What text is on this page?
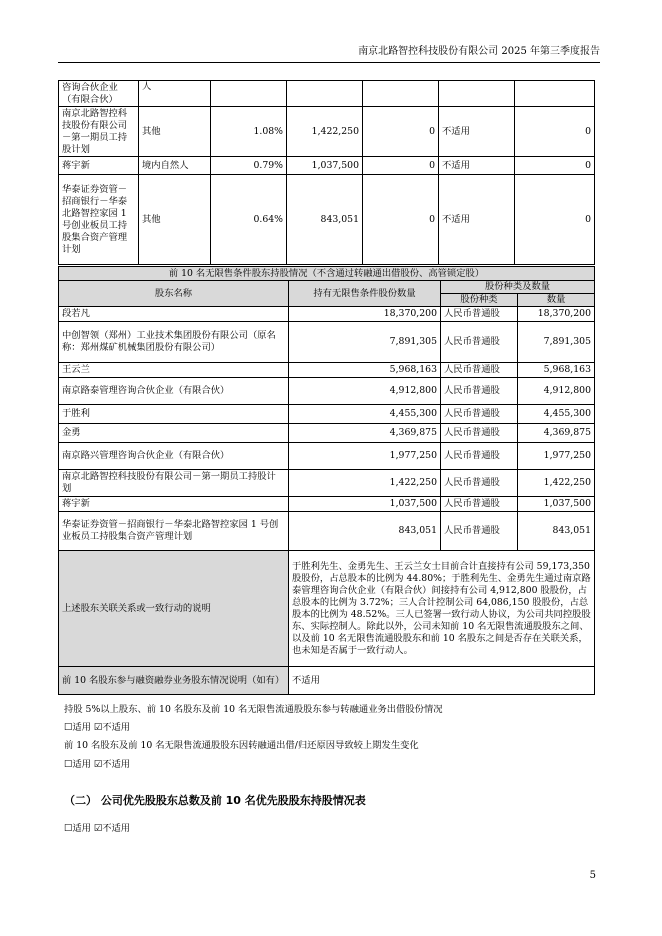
南京北路智控科技股份有限公司 2025 年第三季度报告
咨询合伙企业（有限合伙）	人					
南京北路智控科技股份有限公司－第一期员工持股计划	其他	1.08%	1,422,250	0	不适用	0
蒋宇新	境内自然人	0.79%	1,037,500	0	不适用	0
华泰证券资管－招商银行－华泰北路智控家园 1 号创业板员工持股集合资产管理计划	其他	0.64%	843,051	0	不适用	0
前 10 名无限售条件股东持股情况（不含通过转融通出借股份、高管锁定股）			
股东名称	持有无限售条件股份数量	股份种类及数量	
		股份种类	数量
段若凡	18,370,200	人民币普通股	18,370,200
中创智领（郑州）工业技术集团股份有限公司（原名称：郑州煤矿机械集团股份有限公司）	7,891,305	人民币普通股	7,891,305
王云兰	5,968,163	人民币普通股	5,968,163
南京路泰管理咨询合伙企业（有限合伙）	4,912,800	人民币普通股	4,912,800
于胜利	4,455,300	人民币普通股	4,455,300
金勇	4,369,875	人民币普通股	4,369,875
南京路兴管理咨询合伙企业（有限合伙）	1,977,250	人民币普通股	1,977,250
南京北路智控科技股份有限公司－第一期员工持股计划	1,422,250	人民币普通股	1,422,250
蒋宇新	1,037,500	人民币普通股	1,037,500
华泰证券资管－招商银行－华泰北路智控家园 1 号创业板员工持股集合资产管理计划	843,051	人民币普通股	843,051
上述股东关联关系或一致行动的说明	于胜利先生、金勇先生、王云兰女士目前合计直接持有公司 59,173,350 股股份，占总股本的比例为 44.80%；于胜利先生、金勇先生通过南京路泰管理咨询合伙企业（有限合伙）间接持有公司 4,912,800 股股份，占总股本的比例为 3.72%；三人合计控制公司 64,086,150 股股份，占总股本的比例为 48.52%。三人已签署一致行动人协议，为公司共同控股股东、实际控制人。除此以外，公司未知前 10 名无限售流通股股东之间、以及前 10 名无限售流通股股东和前 10 名股东之间是否存在关联关系，也未知是否属于一致行动人。		
前 10 名股东参与融资融券业务股东情况说明（如有）	不适用		
持股 5%以上股东、前 10 名股东及前 10 名无限售流通股股东参与转融通业务出借股份情况
☐适用 ☑不适用
前 10 名股东及前 10 名无限售流通股股东因转融通出借/归还原因导致较上期发生变化
☐适用 ☑不适用
（二） 公司优先股股东总数及前 10 名优先股股东持股情况表
☐适用 ☑不适用
5
